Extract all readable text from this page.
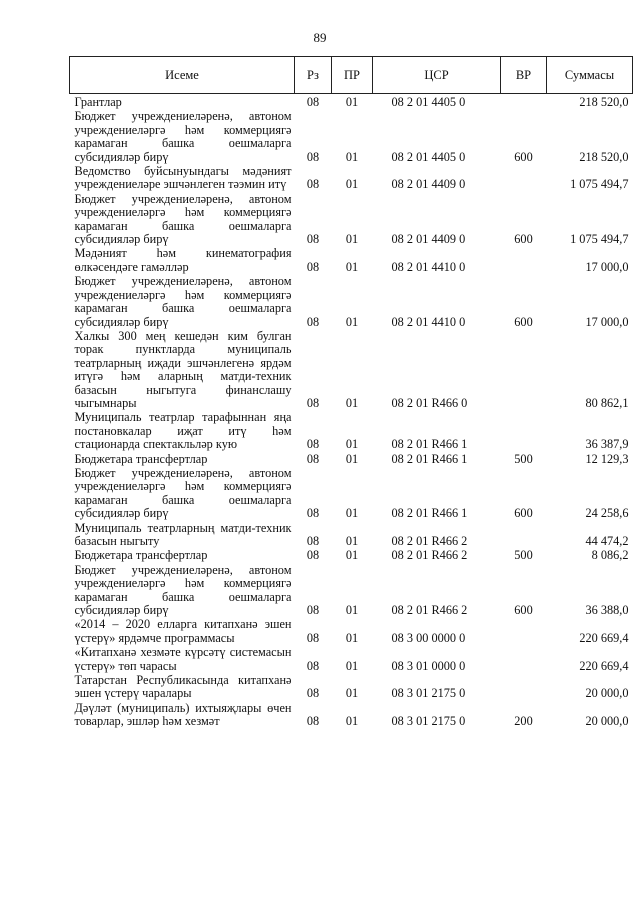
89
Исеме	Рз	ПР	ЦСР	ВР	Суммасы
Грантлар	08	01	08 2 01 4405 0		218 520,0
Бюджет учреждениеләренә, автоном учреждениеләргә һәм коммерциягә карамаган башка оешмаларга субсидияләр бирү	08	01	08 2 01 4405 0	600	218 520,0
Ведомство буйсынуындагы мәдәният учреждениеләре эшчәнлеген тәэмин итү	08	01	08 2 01 4409 0		1 075 494,7
Бюджет учреждениеләренә, автоном учреждениеләргә һәм коммерциягә карамаган башка оешмаларга субсидияләр бирү	08	01	08 2 01 4409 0	600	1 075 494,7
Мәдәният һәм кинематография өлкәсендәге гамәлләр	08	01	08 2 01 4410 0		17 000,0
Бюджет учреждениеләренә, автоном учреждениеләргә һәм коммерциягә карамаган башка оешмаларга субсидияләр бирү	08	01	08 2 01 4410 0	600	17 000,0
Халкы 300 мең кешедән ким булган торак пунктларда муниципаль театрларның иҗади эшчәнлегенә ярдәм итүгә һәм аларның матди-техник базасын ныгытуга финанслашу чыгымнары	08	01	08 2 01 R466 0		80 862,1
Муниципаль театрлар тарафыннан яңа постановкалар иҗат итү һәм стационарда спектакльләр кую	08	01	08 2 01 R466 1		36 387,9
Бюджетара трансфертлар	08	01	08 2 01 R466 1	500	12 129,3
Бюджет учреждениеләренә, автоном учреждениеләргә һәм коммерциягә карамаган башка оешмаларга субсидияләр бирү	08	01	08 2 01 R466 1	600	24 258,6
Муниципаль театрларның матди-техник базасын ныгыту	08	01	08 2 01 R466 2		44 474,2
Бюджетара трансфертлар	08	01	08 2 01 R466 2	500	8 086,2
Бюджет учреждениеләренә, автоном учреждениеләргә һәм коммерциягә карамаган башка оешмаларга субсидияләр бирү	08	01	08 2 01 R466 2	600	36 388,0
«2014 – 2020 елларга китапханә эшен үстерү» ярдәмче программасы	08	01	08 3 00 0000 0		220 669,4
«Китапханә хезмәте күрсәтү системасын үстерү» төп чарасы	08	01	08 3 01 0000 0		220 669,4
Татарстан Республикасында китапханә эшен үстерү чаралары	08	01	08 3 01 2175 0		20 000,0
Дәүләт (муниципаль) ихтыяҗлары өчен товарлар, эшләр һәм хезмәт	08	01	08 3 01 2175 0	200	20 000,0
